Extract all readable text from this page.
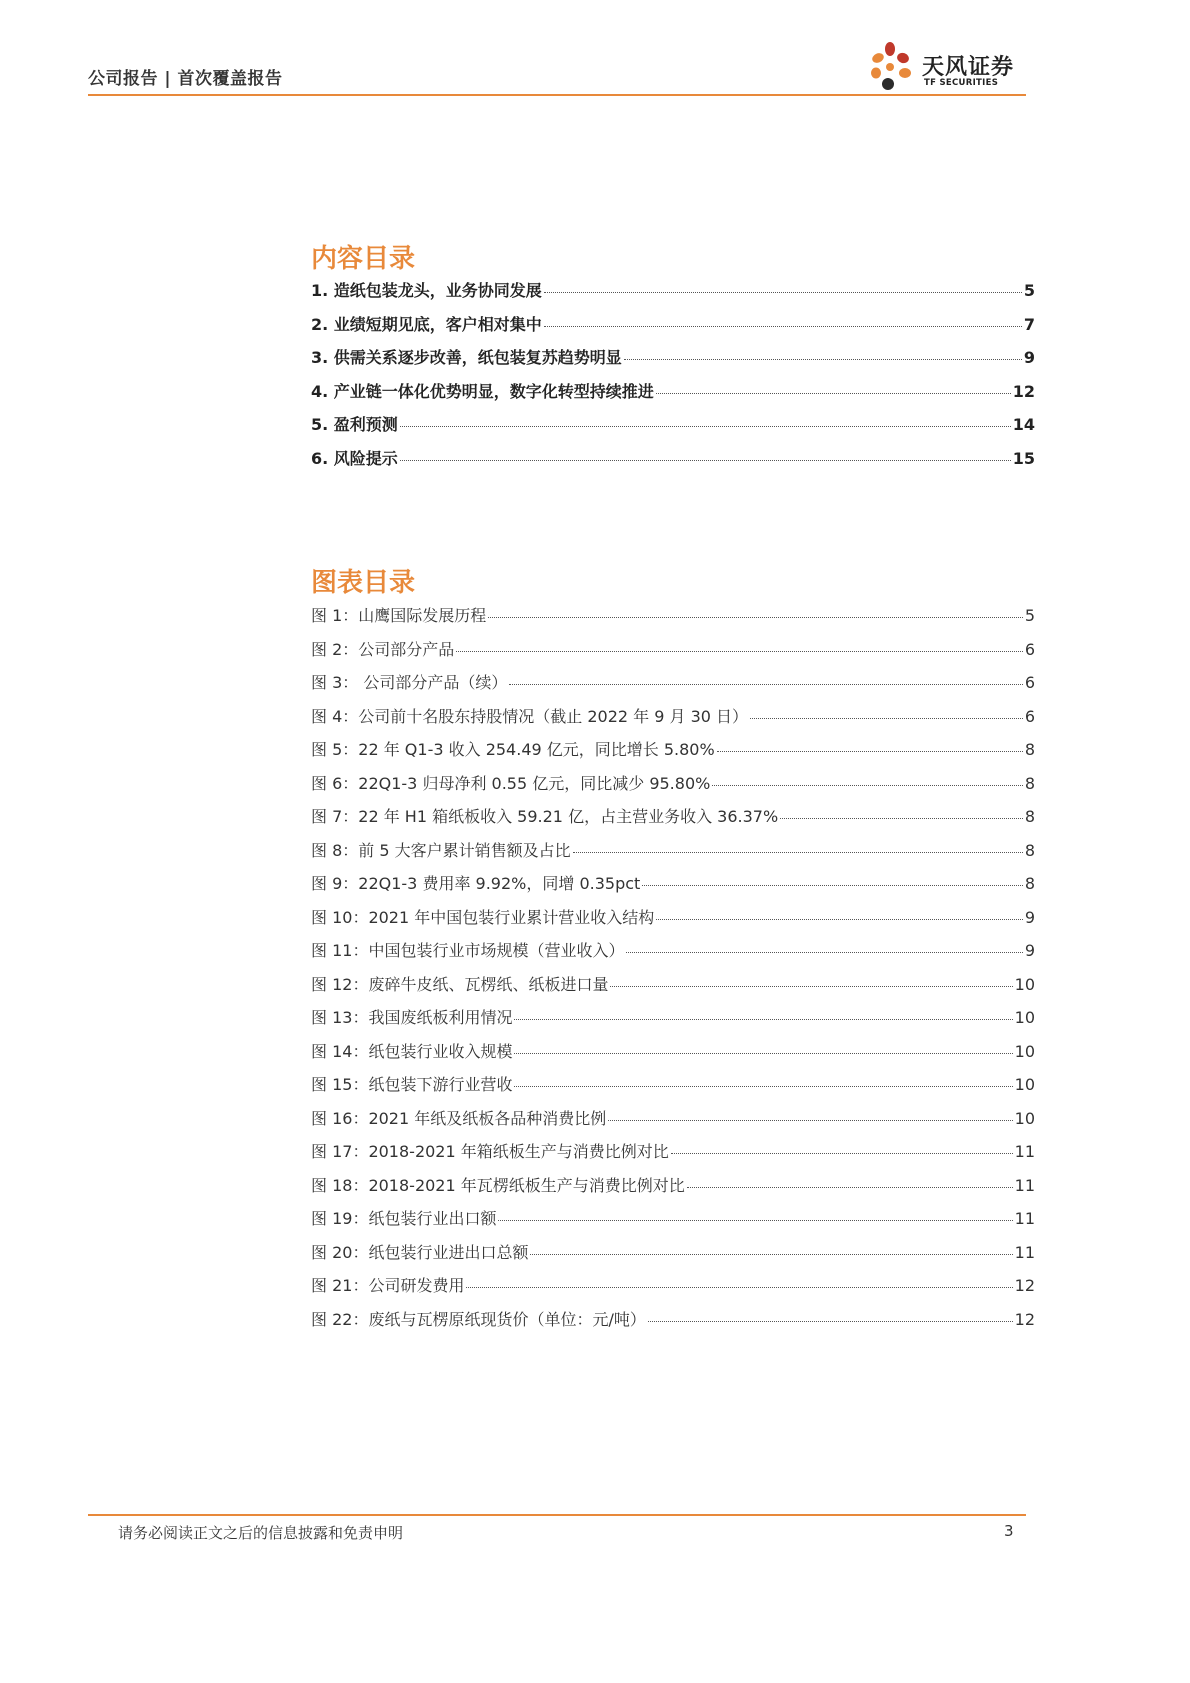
公司报告 | 首次覆盖报告	天风证券
TF SECURITIES
内容目录
1. 造纸包装龙头，业务协同发展	5
2. 业绩短期见底，客户相对集中	7
3. 供需关系逐步改善，纸包装复苏趋势明显	9
4. 产业链一体化优势明显，数字化转型持续推进	12
5. 盈利预测	14
6. 风险提示	15
图表目录
图 1：山鹰国际发展历程	5
图 2：公司部分产品	6
图 3： 公司部分产品（续）	6
图 4：公司前十名股东持股情况（截止 2022 年 9 月 30 日）	6
图 5：22 年 Q1-3 收入 254.49 亿元，同比增长 5.80%	8
图 6：22Q1-3 归母净利 0.55 亿元，同比减少 95.80%	8
图 7：22 年 H1 箱纸板收入 59.21 亿，占主营业务收入 36.37%	8
图 8：前 5 大客户累计销售额及占比	8
图 9：22Q1-3 费用率 9.92%，同增 0.35pct	8
图 10：2021 年中国包装行业累计营业收入结构	9
图 11：中国包装行业市场规模（营业收入）	9
图 12：废碎牛皮纸、瓦楞纸、纸板进口量	10
图 13：我国废纸板利用情况	10
图 14：纸包装行业收入规模	10
图 15：纸包装下游行业营收	10
图 16：2021 年纸及纸板各品种消费比例	10
图 17：2018-2021 年箱纸板生产与消费比例对比	11
图 18：2018-2021 年瓦楞纸板生产与消费比例对比	11
图 19：纸包装行业出口额	11
图 20：纸包装行业进出口总额	11
图 21：公司研发费用	12
图 22：废纸与瓦楞原纸现货价（单位：元/吨）	12
请务必阅读正文之后的信息披露和免责申明	3
